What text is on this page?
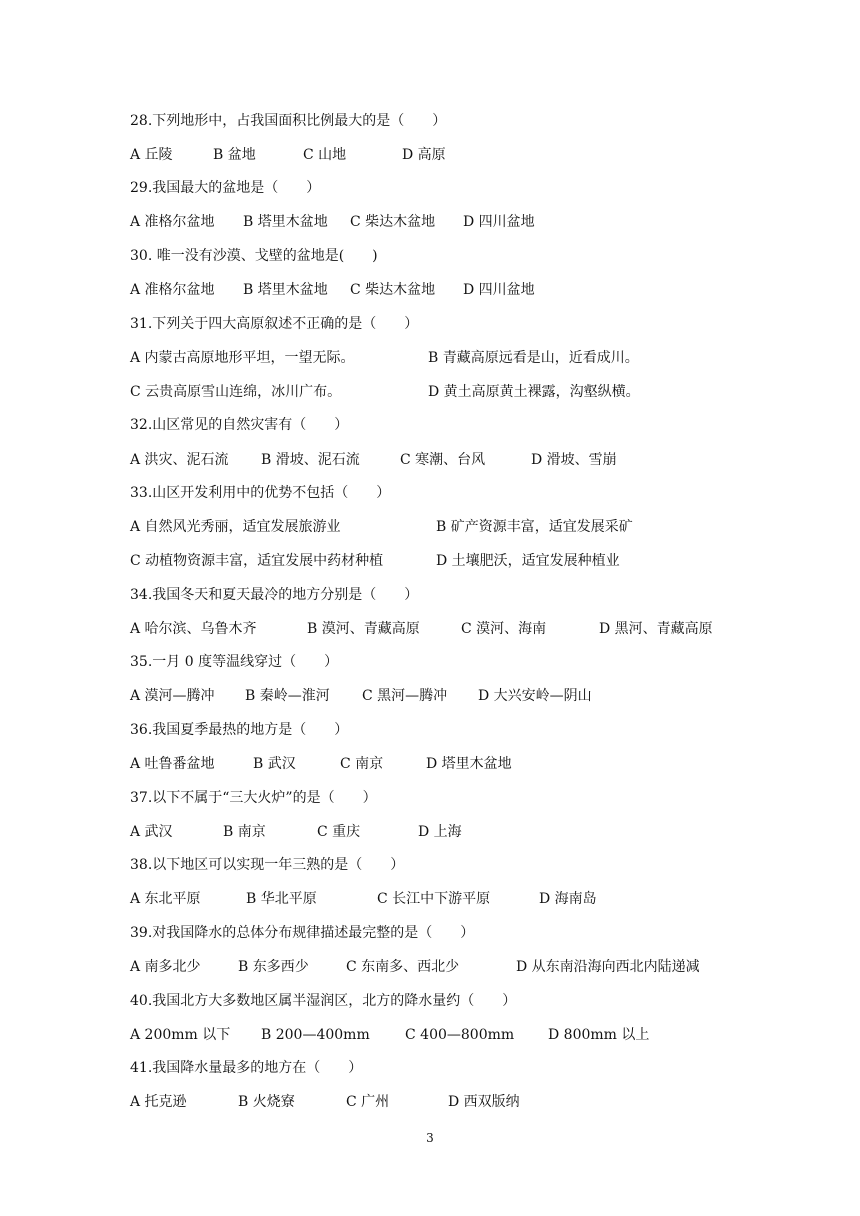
28.下列地形中，占我国面积比例最大的是（　　）
A 丘陵	B 盆地	C 山地	D 高原
29.我国最大的盆地是（　　）
A 准格尔盆地 B 塔里木盆地 C 柴达木盆地 D 四川盆地
30. 唯一没有沙漠、戈壁的盆地是(　　)
A 准格尔盆地 B 塔里木盆地 C 柴达木盆地 D 四川盆地
31.下列关于四大高原叙述不正确的是（　　）
A 内蒙古高原地形平坦，一望无际。	B 青藏高原远看是山，近看成川。
C 云贵高原雪山连绵，冰川广布。	D 黄土高原黄土裸露，沟壑纵横。
32.山区常见的自然灾害有（　　）
A 洪灾、泥石流 B 滑坡、泥石流	C 寒潮、台风	D 滑坡、雪崩
33.山区开发利用中的优势不包括（　　）
A 自然风光秀丽，适宜发展旅游业	B 矿产资源丰富，适宜发展采矿
C 动植物资源丰富，适宜发展中药材种植	D 土壤肥沃，适宜发展种植业
34.我国冬天和夏天最冷的地方分别是（　　）
A 哈尔滨、乌鲁木齐	B 漠河、青藏高原	C 漠河、海南	D 黑河、青藏高原
35.一月 0 度等温线穿过（　　）
A 漠河—腾冲 B 秦岭—淮河 C 黑河—腾冲 D 大兴安岭—阴山
36.我国夏季最热的地方是（　　）
A 吐鲁番盆地	B 武汉	C 南京	D 塔里木盆地
37.以下不属于“三大火炉”的是（　　）
A 武汉	B 南京	C 重庆	D 上海
38.以下地区可以实现一年三熟的是（　　）
A 东北平原	B 华北平原	C 长江中下游平原	D 海南岛
39.对我国降水的总体分布规律描述最完整的是（　　）
A 南多北少	B 东多西少	C 东南多、西北少	D 从东南沿海向西北内陆递减
40.我国北方大多数地区属半湿润区，北方的降水量约（　　）
A 200mm 以下 B 200—400mm	C 400—800mm D 800mm 以上
41.我国降水量最多的地方在（　　）
A 托克逊	B 火烧寮	C 广州	D 西双版纳
3
